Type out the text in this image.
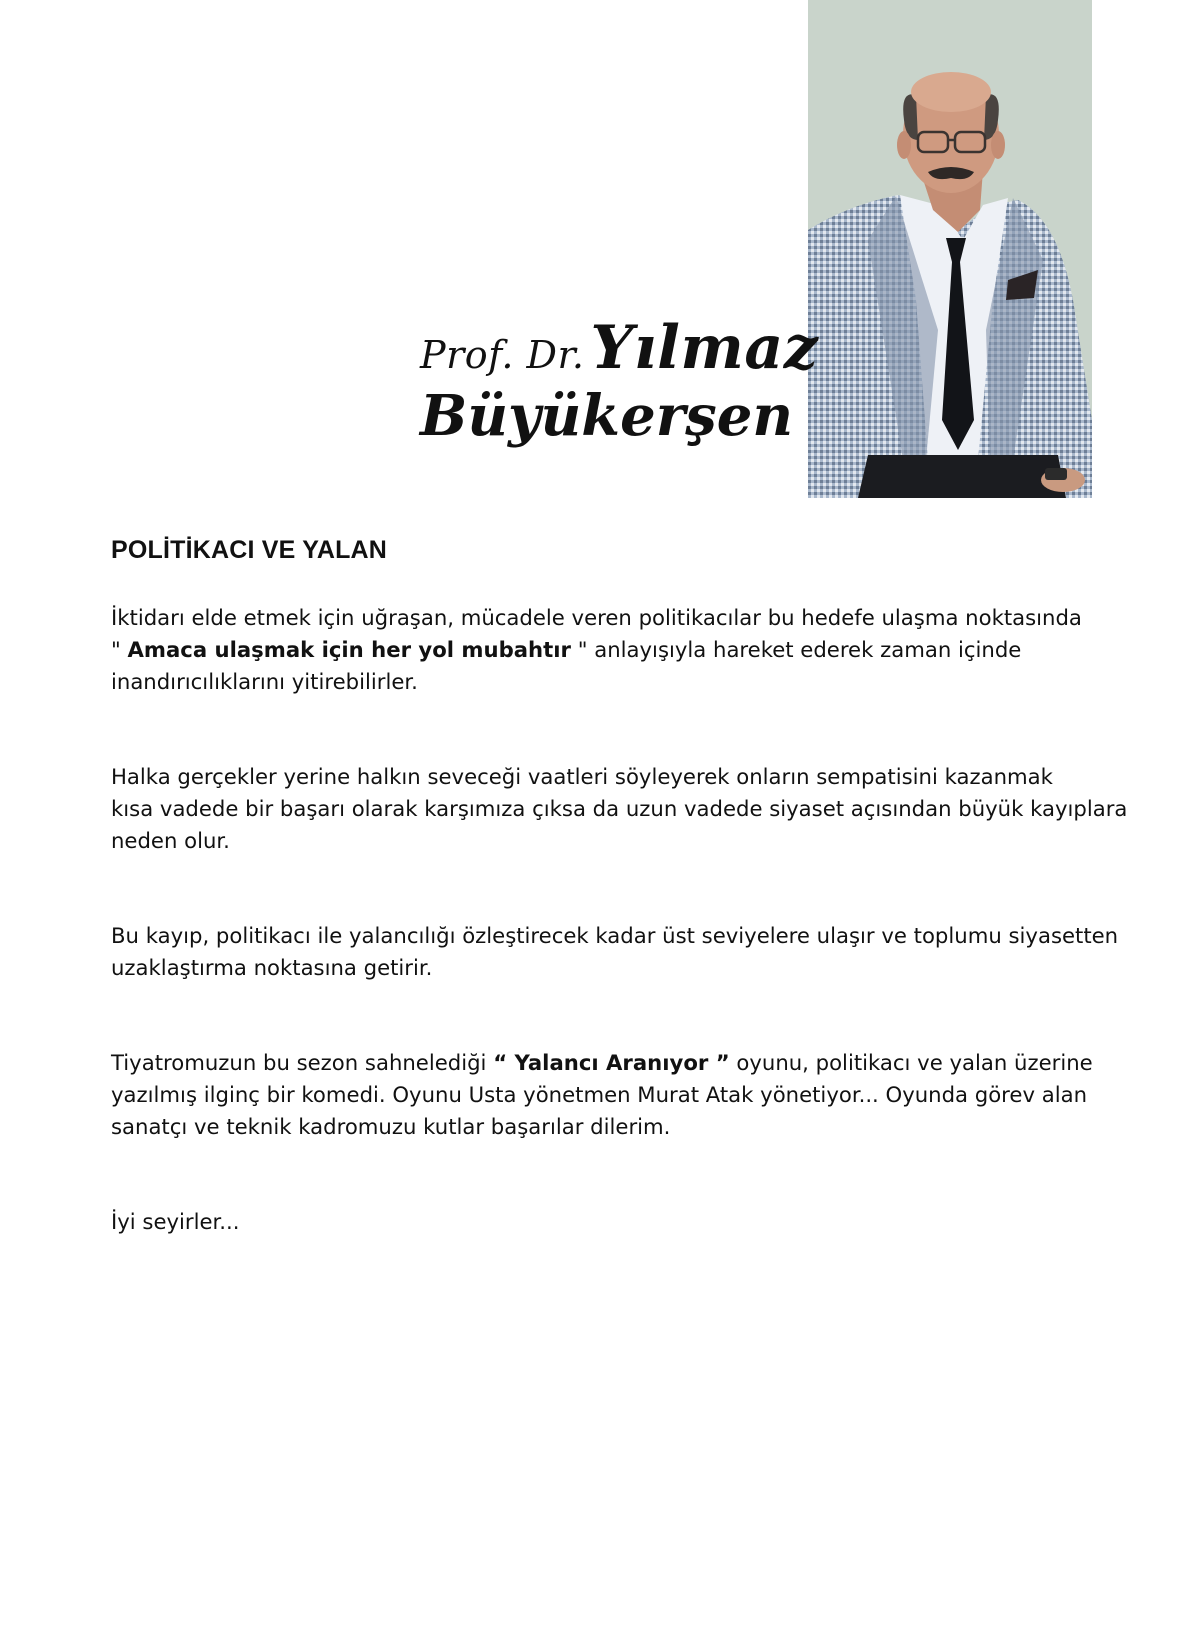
Prof. Dr. Yılmaz
Büyükerşen
POLİTİKACI VE YALAN

İktidarı elde etmek için uğraşan, mücadele veren politikacılar bu hedefe ulaşma noktasında
" Amaca ulaşmak için her yol mubahtır " anlayışıyla hareket ederek zaman içinde
inandırıcılıklarını yitirebilirler.

Halka gerçekler yerine halkın seveceği vaatleri söyleyerek onların sempatisini kazanmak
kısa vadede bir başarı olarak karşımıza çıksa da uzun vadede siyaset açısından büyük kayıplara
neden olur.

Bu kayıp, politikacı ile yalancılığı özleştirecek kadar üst seviyelere ulaşır ve toplumu siyasetten
uzaklaştırma noktasına getirir.

Tiyatromuzun bu sezon sahnelediği “ Yalancı Aranıyor ” oyunu, politikacı ve yalan üzerine
yazılmış ilginç bir komedi. Oyunu Usta yönetmen Murat Atak yönetiyor... Oyunda görev alan
sanatçı ve teknik kadromuzu kutlar başarılar dilerim.

İyi seyirler...
